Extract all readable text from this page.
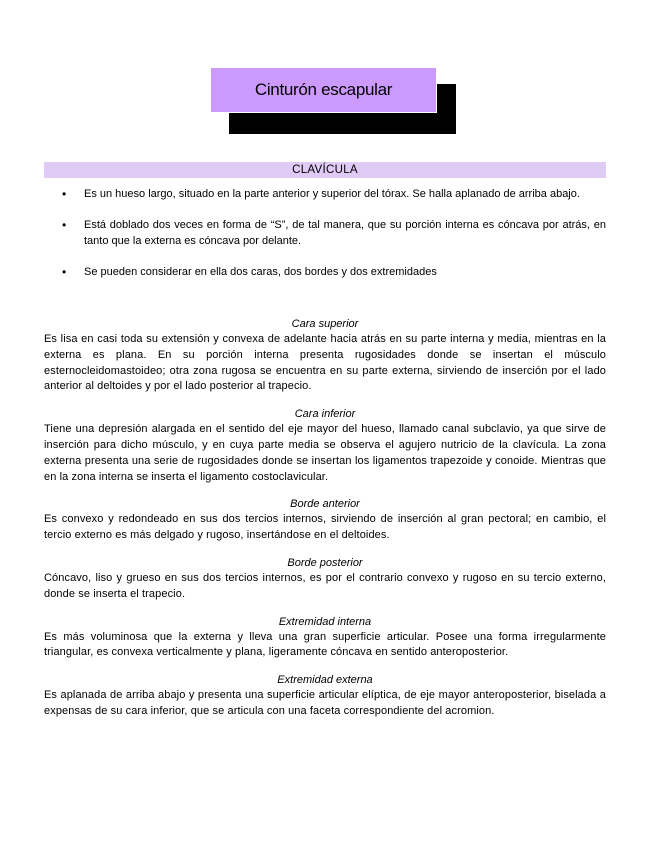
Cinturón escapular
CLAVÍCULA
• Es un hueso largo, situado en la parte anterior y superior del tórax. Se halla aplanado de arriba abajo.
• Está doblado dos veces en forma de “S”, de tal manera, que su porción interna es cóncava por atrás, en tanto que la externa es cóncava por delante.
• Se pueden considerar en ella dos caras, dos bordes y dos extremidades
Cara superior

Es lisa en casi toda su extensión y convexa de adelante hacia atrás en su parte interna y media, mientras en la externa es plana. En su porción interna presenta rugosidades donde se insertan el músculo esternocleidomastoideo; otra zona rugosa se encuentra en su parte externa, sirviendo de inserción por el lado anterior al deltoides y por el lado posterior al trapecio.

Cara inferior

Tiene una depresión alargada en el sentido del eje mayor del hueso, llamado canal subclavio, ya que sirve de inserción para dicho músculo, y en cuya parte media se observa el agujero nutricio de la clavícula. La zona externa presenta una serie de rugosidades donde se insertan los ligamentos trapezoide y conoide. Mientras que en la zona interna se inserta el ligamento costoclavicular.

Borde anterior

Es convexo y redondeado en sus dos tercios internos, sirviendo de inserción al gran pectoral; en cambio, el tercio externo es más delgado y rugoso, insertándose en el deltoides.

Borde posterior

Cóncavo, liso y grueso en sus dos tercios internos, es por el contrario convexo y rugoso en su tercio externo, donde se inserta el trapecio.

Extremidad interna

Es más voluminosa que la externa y lleva una gran superficie articular. Posee una forma irregularmente triangular, es convexa verticalmente y plana, ligeramente cóncava en sentido anteroposterior.

Extremidad externa

Es aplanada de arriba abajo y presenta una superficie articular elíptica, de eje mayor anteroposterior, biselada a expensas de su cara inferior, que se articula con una faceta correspondiente del acromion.
